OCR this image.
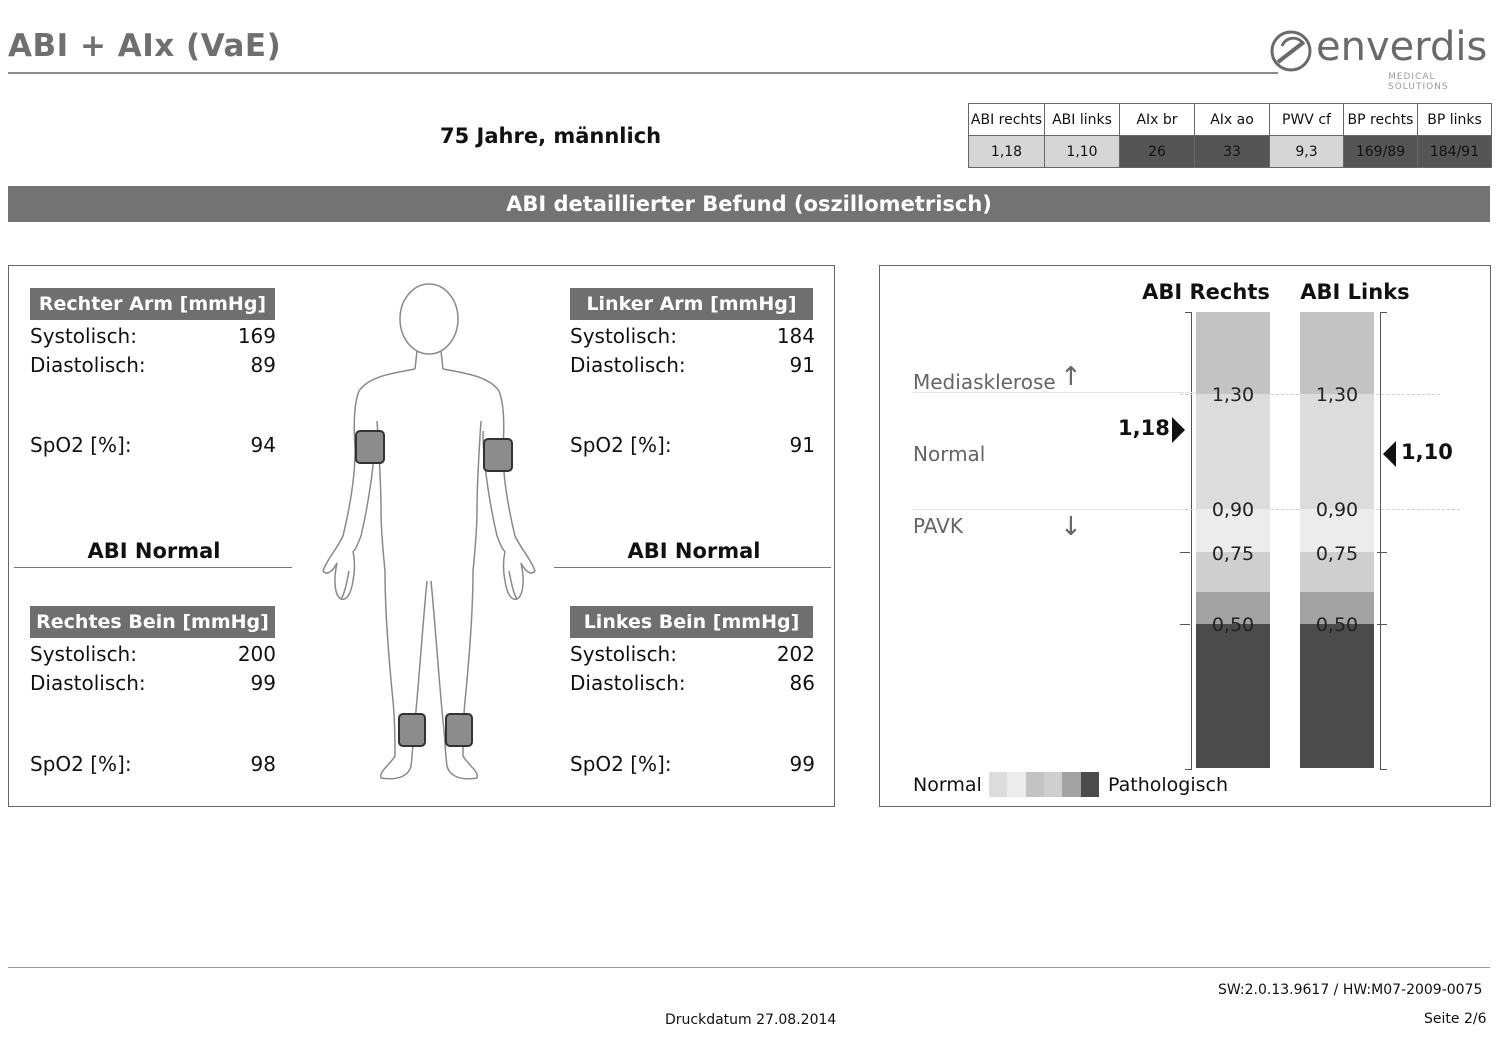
ABI + AIx (VaE)	enverdis
MEDICAL SOLUTIONS
75 Jahre, männlich
ABI rechts	ABI links	AIx br	AIx ao	PWV cf	BP rechts	BP links
1,18	1,10	26	33	9,3	169/89	184/91
ABI detaillierter Befund (oszillometrisch)
Rechter Arm [mmHg]
Systolisch:	169
Diastolisch:	89
SpO2 [%]:	94
ABI Normal
Rechtes Bein [mmHg]
Systolisch:	200
Diastolisch:	99
SpO2 [%]:	98
Linker Arm [mmHg]
Systolisch:	184
Diastolisch:	91
SpO2 [%]:	91
ABI Normal
Linkes Bein [mmHg]
Systolisch:	202
Diastolisch:	86
SpO2 [%]:	99
ABI Rechts	ABI Links
Mediasklerose ↑
Normal
PAVK	↓
1,30
0,90
0,75
0,50
1,30
0,90
0,75
0,50
1,18
1,10
Normal	Pathologisch
SW:2.0.13.9617 / HW:M07-2009-0075
Druckdatum 27.08.2014	Seite 2/6
